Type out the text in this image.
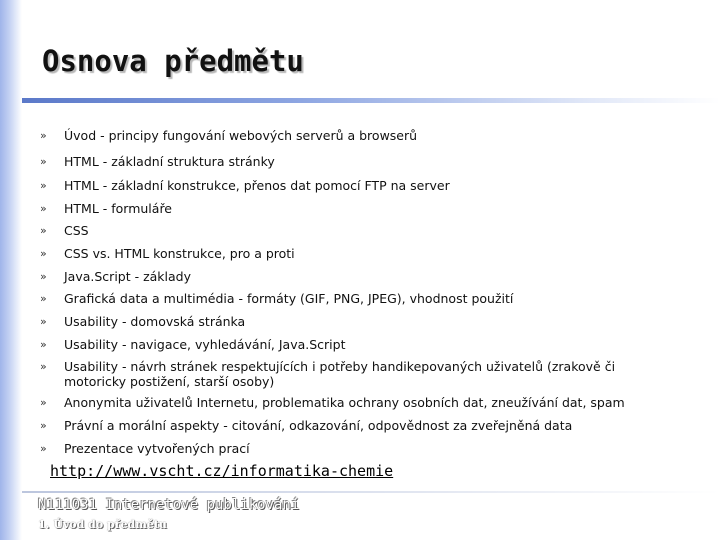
Osnova předmětu
» Úvod - principy fungování webových serverů a browserů
» HTML - základní struktura stránky
» HTML - základní konstrukce, přenos dat pomocí FTP na server
» HTML - formuláře
» CSS
» CSS vs. HTML konstrukce, pro a proti
» Java.Script - základy
» Grafická data a multimédia - formáty (GIF, PNG, JPEG), vhodnost použití
» Usability - domovská stránka
» Usability - navigace, vyhledávání, Java.Script
» Usability - návrh stránek respektujících i potřeby handikepovaných uživatelů (zrakově či motoricky postižení, starší osoby)
» Anonymita uživatelů Internetu, problematika ochrany osobních dat, zneužívání dat, spam
» Právní a morální aspekty - citování, odkazování, odpovědnost za zveřejněná data
» Prezentace vytvořených prací
http://www.vscht.cz/informatika-chemie
N111031 Internetové publikování
1. Úvod do předmětu
